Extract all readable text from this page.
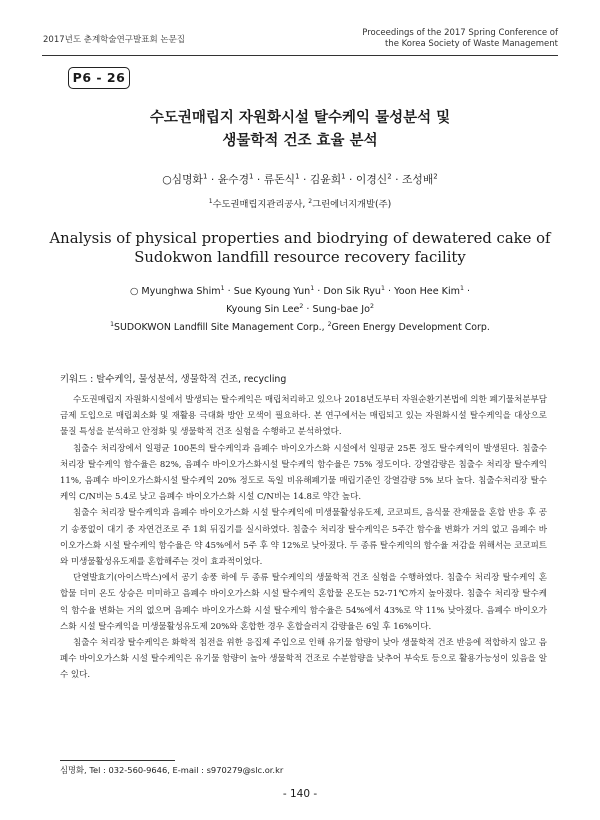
2017년도 춘계학술연구발표회 논문집
Proceedings of the 2017 Spring Conference of
the Korea Society of Waste Management
P6 - 26
수도권매립지 자원화시설 탈수케익 물성분석 및
생물학적 건조 효율 분석
○심명화$^1$ · 윤수경$^1$ · 류돈식$^1$ · 김윤희$^1$ · 이경신$^2$ · 조성배$^2$
$^1$수도권매립지관리공사, $^2$그린에너지개발(주)
Analysis of physical properties and biodrying of dewatered cake of
Sudokwon landfill resource recovery facility
○ Myunghwa Shim$^1$ · Sue Kyoung Yun$^1$ · Don Sik Ryu$^1$ · Yoon Hee Kim$^1$ ·
Kyoung Sin Lee$^2$ · Sung-bae Jo$^2$
$^1$SUDOKWON Landfill Site Management Corp., $^2$Green Energy Development Corp.
키워드 : 탈수케익, 물성분석, 생물학적 건조, recycling

수도권매립지 자원화시설에서 발생되는 탈수케익은 매립처리하고 있으나 2018년도부터 자원순환기본법에 의한 폐기물처분부담금제 도입으로 매립최소화 및 재활용 극대화 방안 모색이 필요하다. 본 연구에서는 매립되고 있는 자원화시설 탈수케익을 대상으로 물질 특성을 분석하고 안정화 및 생물학적 건조 실험을 수행하고 분석하였다.

침출수 처리장에서 일평균 100톤의 탈수케익과 음폐수 바이오가스화 시설에서 일평균 25톤 정도 탈수케익이 발생된다. 침출수 처리장 탈수케익 함수율은 82%, 음폐수 바이오가스화시설 탈수케익 함수율은 75% 정도이다. 강열감량은 침출수 처리장 탈수케익 11%, 음폐수 바이오가스화시설 탈수케익 20% 정도로 독일 비유해폐기물 매립기준인 강열감량 5% 보다 높다. 침출수처리장 탈수케익 C/N비는 5.4로 낮고 음폐수 바이오가스화 시설 C/N비는 14.8로 약간 높다.

침출수 처리장 탈수케익과 음폐수 바이오가스화 시설 탈수케익에 미생물활성유도제, 코코피트, 음식물 잔재물을 혼합 반응 후 공기 송풍없이 대기 중 자연건조로 주 1회 뒤집기를 실시하였다. 침출수 처리장 탈수케익은 5주간 함수율 변화가 거의 없고 음폐수 바이오가스화 시설 탈수케익 함수율은 약 45%에서 5주 후 약 12%로 낮아졌다. 두 종류 탈수케익의 함수율 저감을 위해서는 코코피트와 미생물활성유도제를 혼합해주는 것이 효과적이었다.

단열발효기(아이스박스)에서 공기 송풍 하에 두 종류 탈수케익의 생물학적 건조 실험을 수행하였다. 침출수 처리장 탈수케익 혼합물 더미 온도 상승은 미미하고 음폐수 바이오가스화 시설 탈수케익 혼합물 온도는 52-71℃까지 높아졌다. 침출수 처리장 탈수케익 함수율 변화는 거의 없으며 음폐수 바이오가스화 시설 탈수케익 함수율은 54%에서 43%로 약 11% 낮아졌다. 음폐수 바이오가스화 시설 탈수케익을 미생물활성유도제 20%와 혼합한 경우 혼합슬러지 감량율은 6일 후 16%이다.

침출수 처리장 탈수케익은 화학적 침전을 위한 응집제 주입으로 인해 유기물 함량이 낮아 생물학적 건조 반응에 적합하지 않고 음폐수 바이오가스화 시설 탈수케익은 유기물 함량이 높아 생물학적 건조로 수분함량을 낮추어 부숙토 등으로 활용가능성이 있음을 알 수 있다.

심명화, Tel : 032-560-9646, E-mail : s970279@slc.or.kr
- 140 -
